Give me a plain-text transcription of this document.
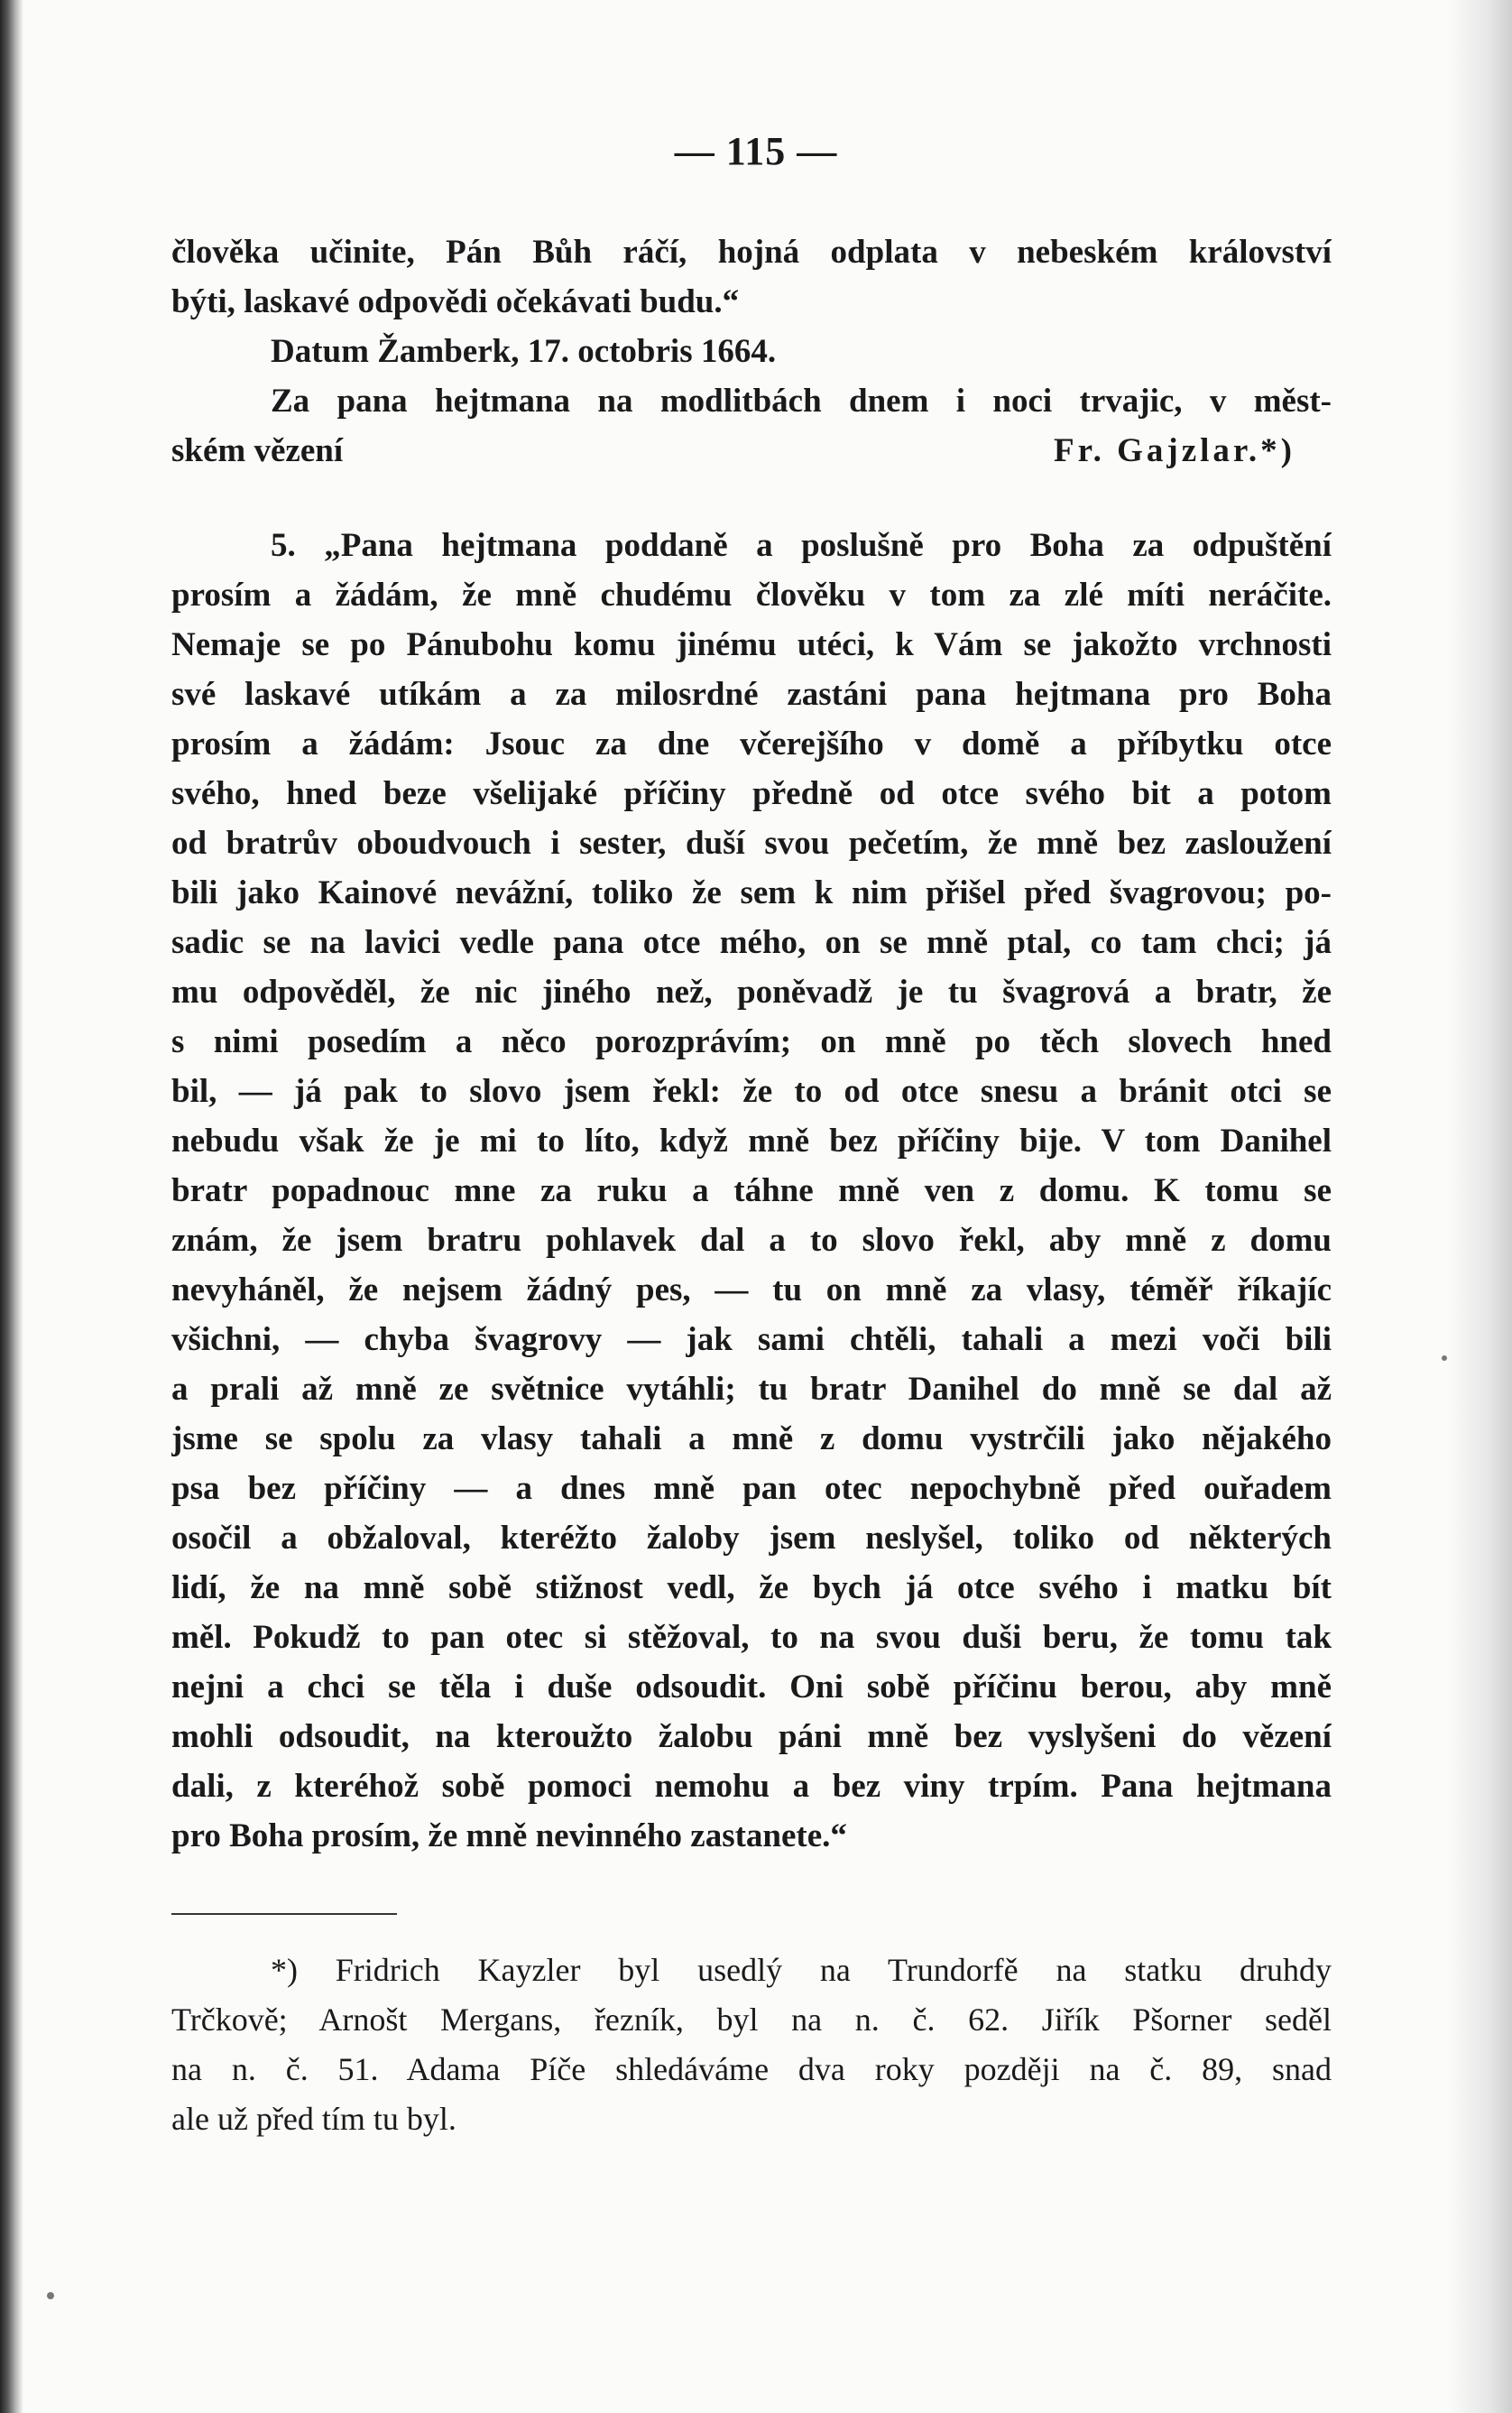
— 115 —
člověka učinite, Pán Bůh ráčí, hojná odplata v nebeském království
býti, laskavé odpovědi očekávati budu.“
Datum Žamberk, 17. octobris 1664.
Za pana hejtmana na modlitbách dnem i noci trvajic, v měst-
ském vězení	Fr. Gajzlar.*)
5. „Pana hejtmana poddaně a poslušně pro Boha za odpuštění
prosím a žádám, že mně chudému člověku v tom za zlé míti neráčite.
Nemaje se po Pánubohu komu jinému utéci, k Vám se jakožto vrchnosti
své laskavé utíkám a za milosrdné zastáni pana hejtmana pro Boha
prosím a žádám: Jsouc za dne včerejšího v domě a příbytku otce
svého, hned beze všelijaké příčiny předně od otce svého bit a potom
od bratrův oboudvouch i sester, duší svou pečetím, že mně bez zasloužení
bili jako Kainové nevážní, toliko že sem k nim přišel před švagrovou; po-
sadic se na lavici vedle pana otce mého, on se mně ptal, co tam chci; já
mu odpověděl, že nic jiného než, poněvadž je tu švagrová a bratr, že
s nimi posedím a něco porozprávím; on mně po těch slovech hned
bil, — já pak to slovo jsem řekl: že to od otce snesu a bránit otci se
nebudu však že je mi to líto, když mně bez příčiny bije. V tom Danihel
bratr popadnouc mne za ruku a táhne mně ven z domu. K tomu se
znám, že jsem bratru pohlavek dal a to slovo řekl, aby mně z domu
nevyháněl, že nejsem žádný pes, — tu on mně za vlasy, téměř říkajíc
všichni, — chyba švagrovy — jak sami chtěli, tahali a mezi voči bili
a prali až mně ze světnice vytáhli; tu bratr Danihel do mně se dal až
jsme se spolu za vlasy tahali a mně z domu vystrčili jako nějakého
psa bez příčiny — a dnes mně pan otec nepochybně před ouřadem
osočil a obžaloval, kteréžto žaloby jsem neslyšel, toliko od některých
lidí, že na mně sobě stižnost vedl, že bych já otce svého i matku bít
měl. Pokudž to pan otec si stěžoval, to na svou duši beru, že tomu tak
nejni a chci se těla i duše odsoudit. Oni sobě příčinu berou, aby mně
mohli odsoudit, na kteroužto žalobu páni mně bez vyslyšeni do vězení
dali, z kteréhož sobě pomoci nemohu a bez viny trpím. Pana hejtmana
pro Boha prosím, že mně nevinného zastanete.“
*) Fridrich Kayzler byl usedlý na Trundorfě na statku druhdy
Trčkově; Arnošt Mergans, řezník, byl na n. č. 62. Jiřík Pšorner seděl
na n. č. 51. Adama Píče shledáváme dva roky později na č. 89, snad
ale už před tím tu byl.
